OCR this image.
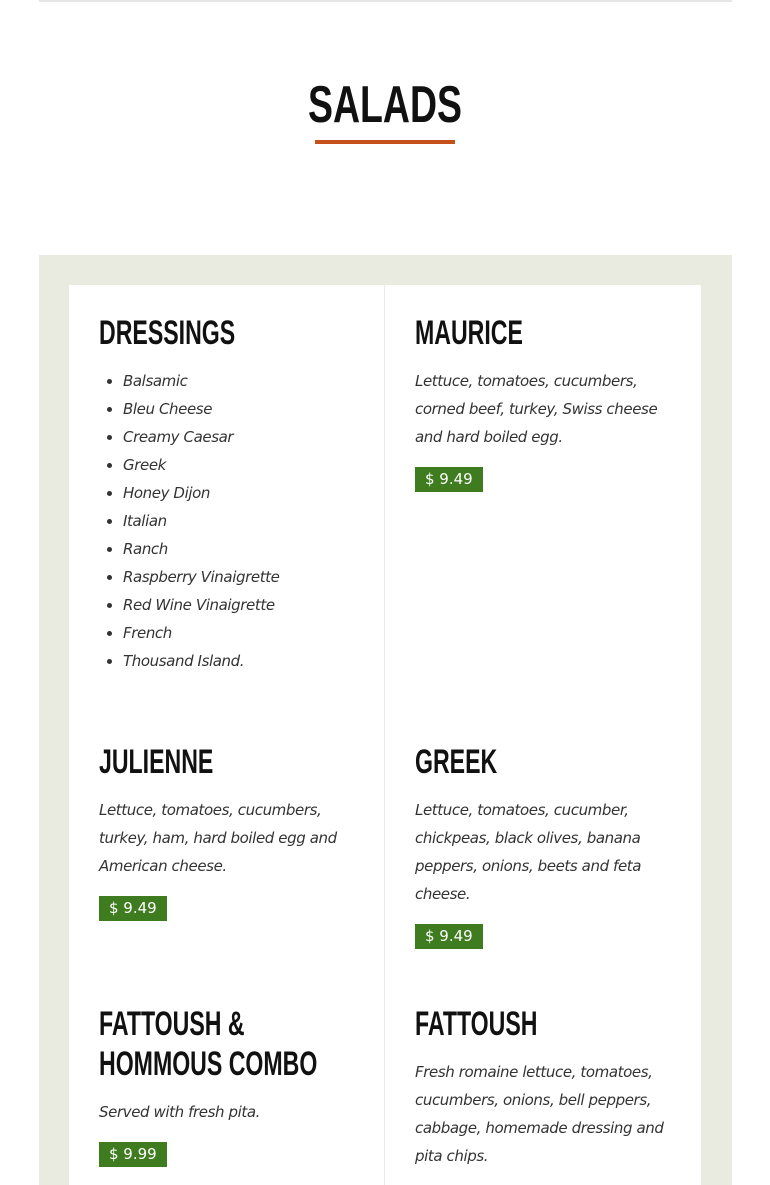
SALADS
DRESSINGS
• Balsamic
• Bleu Cheese
• Creamy Caesar
• Greek
• Honey Dijon
• Italian
• Ranch
• Raspberry Vinaigrette
• Red Wine Vinaigrette
• French
• Thousand Island.
MAURICE

Lettuce, tomatoes, cucumbers, corned beef, turkey, Swiss cheese and hard boiled egg.

$ 9.49
JULIENNE

Lettuce, tomatoes, cucumbers, turkey, ham, hard boiled egg and American cheese.

$ 9.49
GREEK

Lettuce, tomatoes, cucumber, chickpeas, black olives, banana peppers, onions, beets and feta cheese.

$ 9.49
FATTOUSH & HOMMOUS COMBO

Served with fresh pita.

$ 9.99
FATTOUSH

Fresh romaine lettuce, tomatoes, cucumbers, onions, bell peppers, cabbage, homemade dressing and pita chips.
